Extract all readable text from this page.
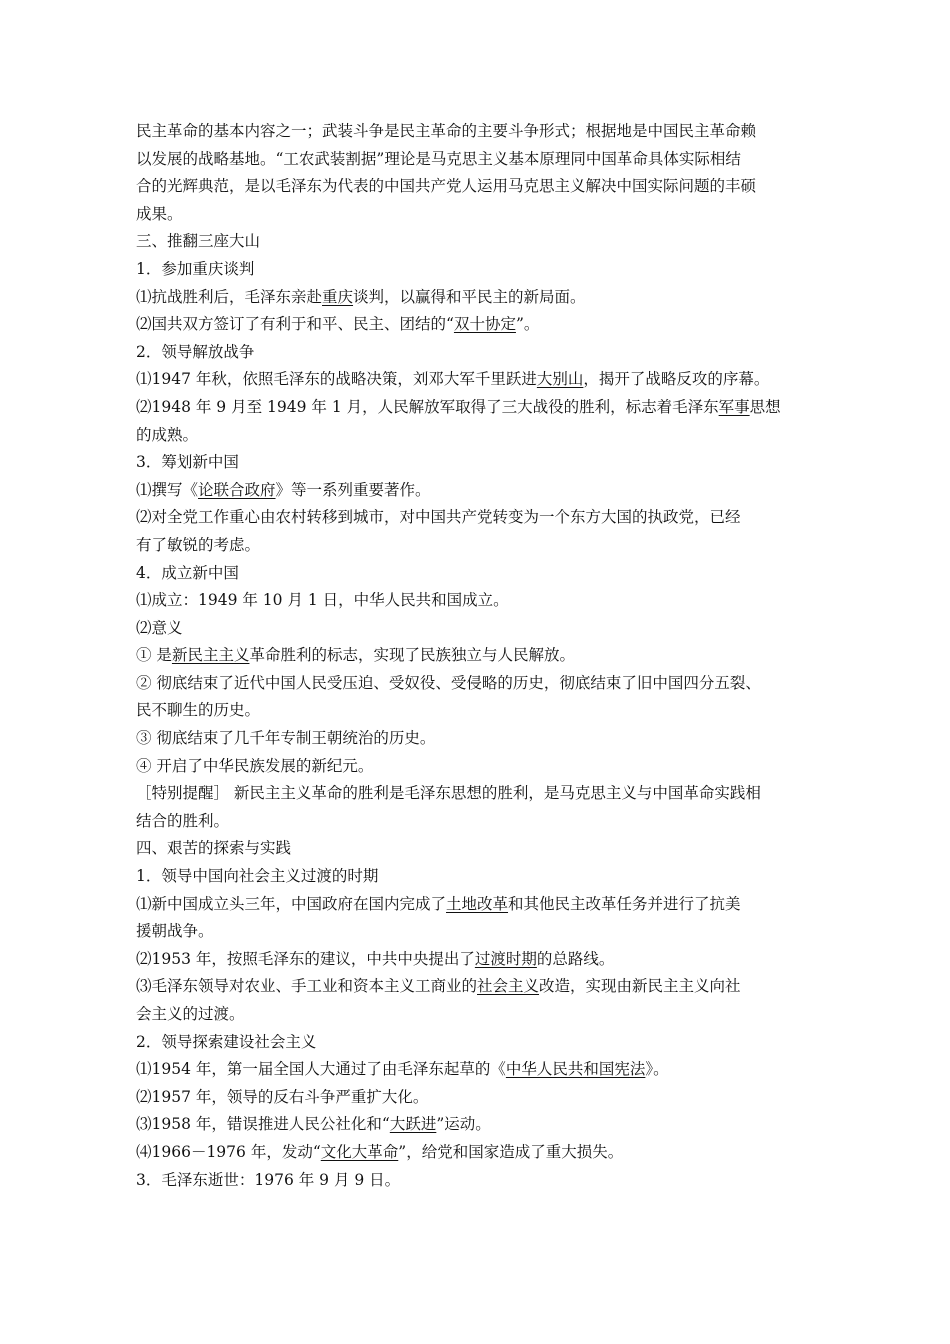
民主革命的基本内容之一；武装斗争是民主革命的主要斗争形式；根据地是中国民主革命赖
以发展的战略基地。“工农武装割据”理论是马克思主义基本原理同中国革命具体实际相结
合的光辉典范，是以毛泽东为代表的中国共产党人运用马克思主义解决中国实际问题的丰硕
成果。
三、推翻三座大山
1．参加重庆谈判
⑴抗战胜利后，毛泽东亲赴重庆谈判，以赢得和平民主的新局面。
⑵国共双方签订了有利于和平、民主、团结的“双十协定”。
2．领导解放战争
⑴1947 年秋，依照毛泽东的战略决策，刘邓大军千里跃进大别山，揭开了战略反攻的序幕。
⑵1948 年 9 月至 1949 年 1 月，人民解放军取得了三大战役的胜利，标志着毛泽东军事思想
的成熟。
3．筹划新中国
⑴撰写《论联合政府》等一系列重要著作。
⑵对全党工作重心由农村转移到城市，对中国共产党转变为一个东方大国的执政党，已经
有了敏锐的考虑。
4．成立新中国
⑴成立：1949 年 10 月 1 日，中华人民共和国成立。
⑵意义
① 是新民主主义革命胜利的标志，实现了民族独立与人民解放。
② 彻底结束了近代中国人民受压迫、受奴役、受侵略的历史，彻底结束了旧中国四分五裂、
民不聊生的历史。
③ 彻底结束了几千年专制王朝统治的历史。
④ 开启了中华民族发展的新纪元。
［特别提醒］ 新民主主义革命的胜利是毛泽东思想的胜利，是马克思主义与中国革命实践相
结合的胜利。
四、艰苦的探索与实践
1．领导中国向社会主义过渡的时期
⑴新中国成立头三年，中国政府在国内完成了土地改革和其他民主改革任务并进行了抗美
援朝战争。
⑵1953 年，按照毛泽东的建议，中共中央提出了过渡时期的总路线。
⑶毛泽东领导对农业、手工业和资本主义工商业的社会主义改造，实现由新民主主义向社
会主义的过渡。
2．领导探索建设社会主义
⑴1954 年，第一届全国人大通过了由毛泽东起草的《中华人民共和国宪法》。
⑵1957 年，领导的反右斗争严重扩大化。
⑶1958 年，错误推进人民公社化和“大跃进”运动。
⑷1966－1976 年，发动“文化大革命”，给党和国家造成了重大损失。
3．毛泽东逝世：1976 年 9 月 9 日。
